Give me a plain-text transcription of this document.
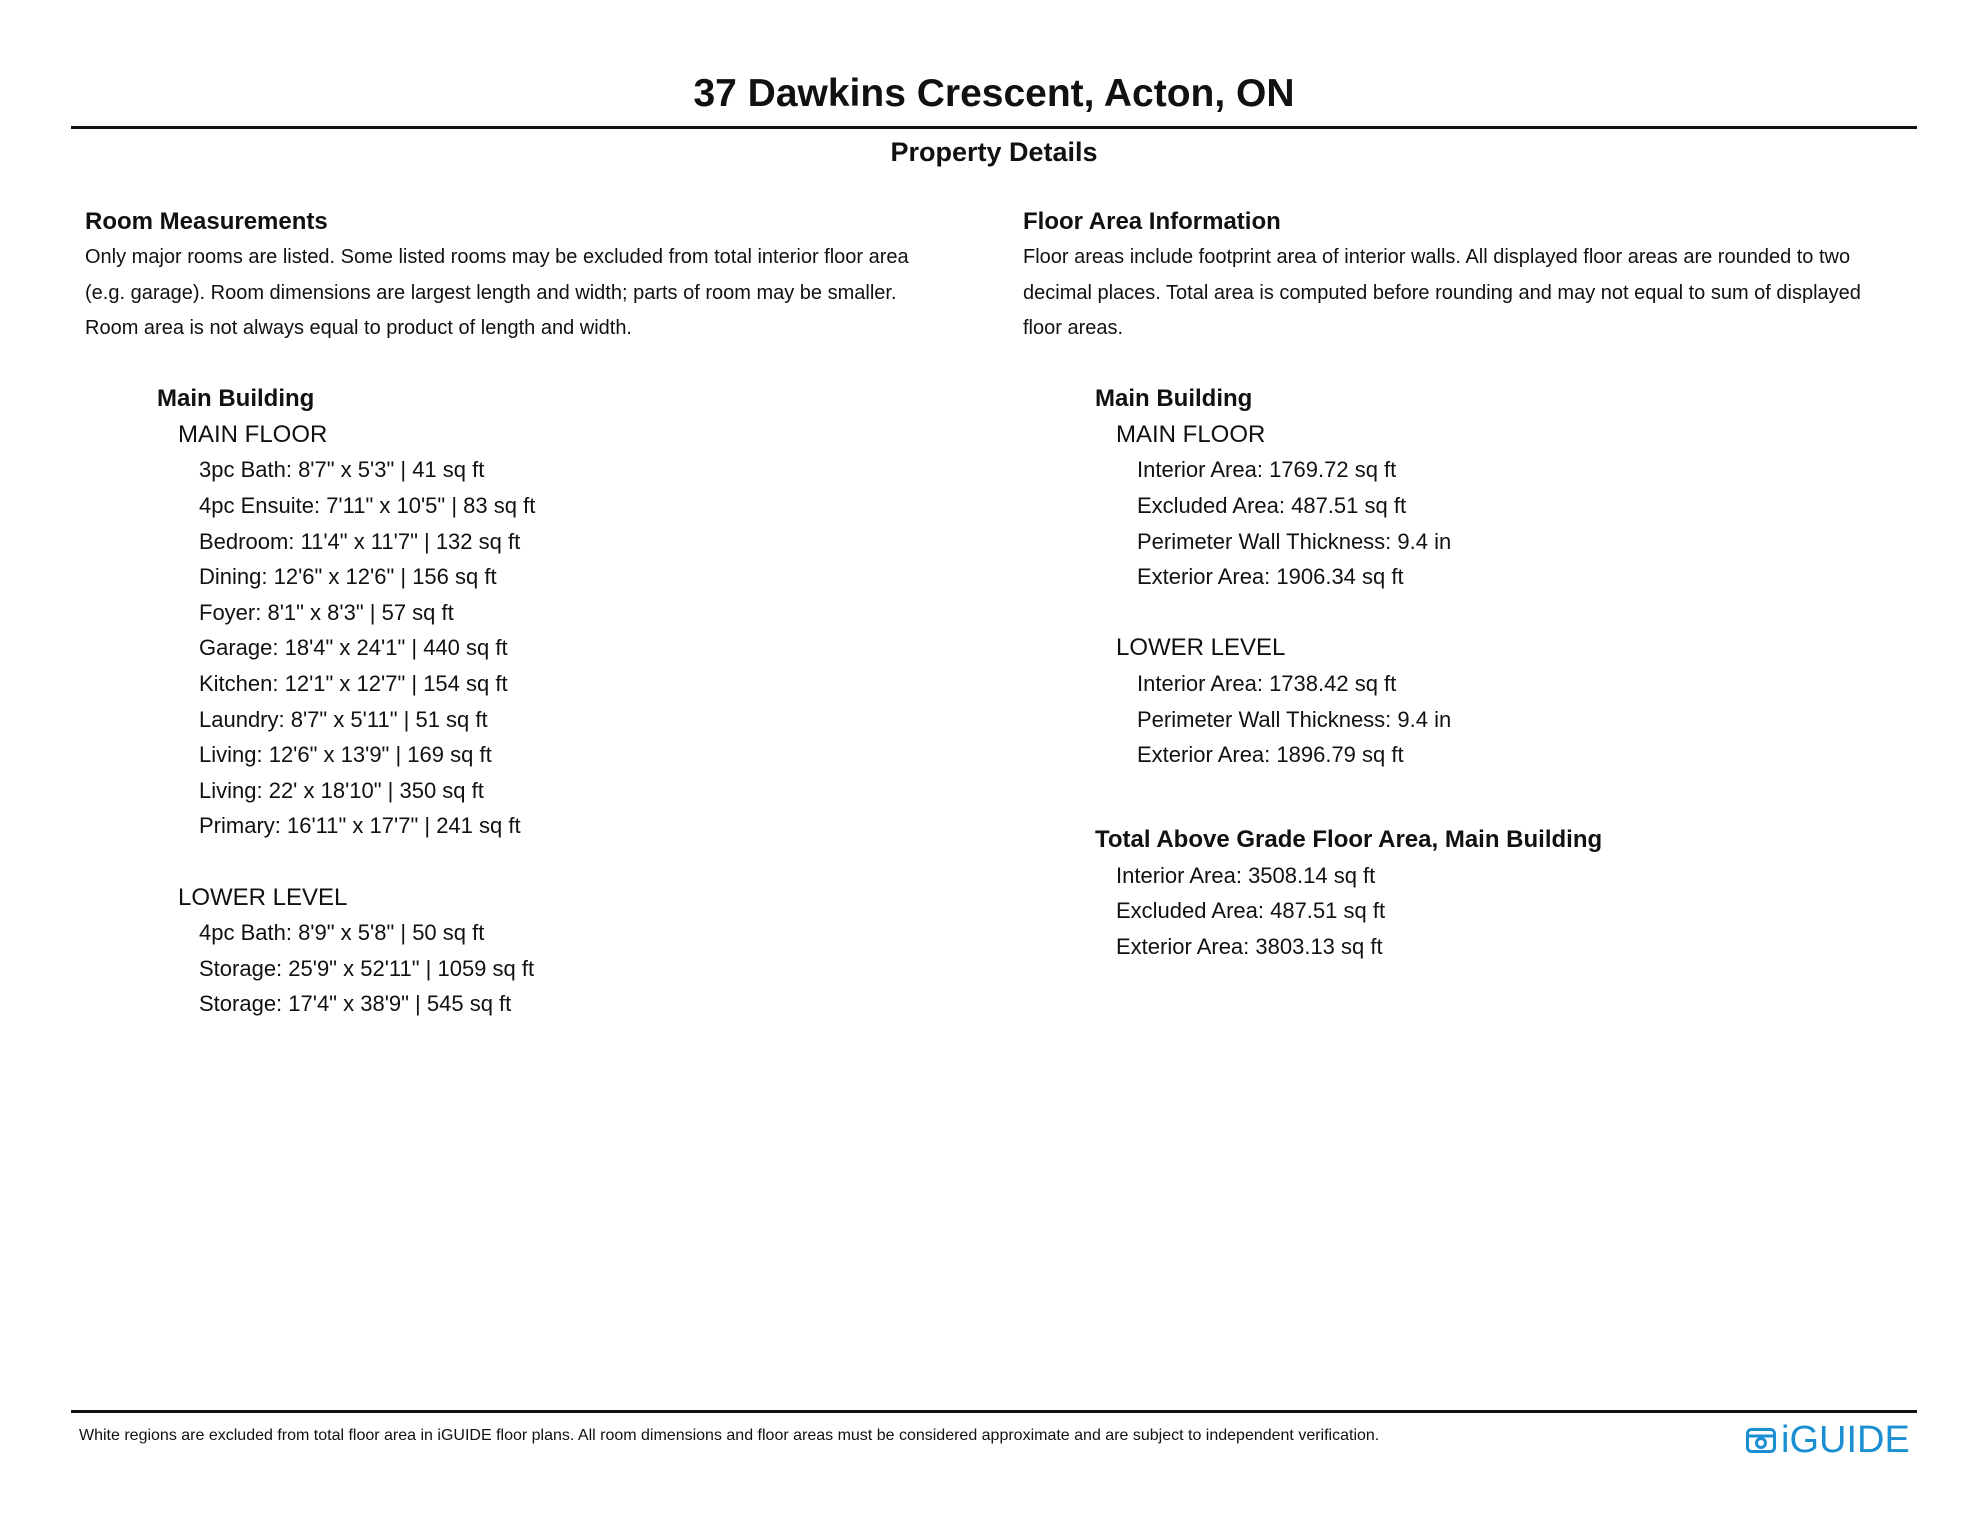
37 Dawkins Crescent, Acton, ON
Property Details
Room Measurements
Only major rooms are listed. Some listed rooms may be excluded from total interior floor area
(e.g. garage). Room dimensions are largest length and width; parts of room may be smaller.
Room area is not always equal to product of length and width.
Main Building
MAIN FLOOR
3pc Bath: 8'7" x 5'3" | 41 sq ft
4pc Ensuite: 7'11" x 10'5" | 83 sq ft
Bedroom: 11'4" x 11'7" | 132 sq ft
Dining: 12'6" x 12'6" | 156 sq ft
Foyer: 8'1" x 8'3" | 57 sq ft
Garage: 18'4" x 24'1" | 440 sq ft
Kitchen: 12'1" x 12'7" | 154 sq ft
Laundry: 8'7" x 5'11" | 51 sq ft
Living: 12'6" x 13'9" | 169 sq ft
Living: 22' x 18'10" | 350 sq ft
Primary: 16'11" x 17'7" | 241 sq ft
LOWER LEVEL
4pc Bath: 8'9" x 5'8" | 50 sq ft
Storage: 25'9" x 52'11" | 1059 sq ft
Storage: 17'4" x 38'9" | 545 sq ft
Floor Area Information
Floor areas include footprint area of interior walls. All displayed floor areas are rounded to two
decimal places. Total area is computed before rounding and may not equal to sum of displayed
floor areas.
Main Building
MAIN FLOOR
Interior Area: 1769.72 sq ft
Excluded Area: 487.51 sq ft
Perimeter Wall Thickness: 9.4 in
Exterior Area: 1906.34 sq ft
LOWER LEVEL
Interior Area: 1738.42 sq ft
Perimeter Wall Thickness: 9.4 in
Exterior Area: 1896.79 sq ft
Total Above Grade Floor Area, Main Building
Interior Area: 3508.14 sq ft
Excluded Area: 487.51 sq ft
Exterior Area: 3803.13 sq ft
White regions are excluded from total floor area in iGUIDE floor plans. All room dimensions and floor areas must be considered approximate and are subject to independent verification.	iGUIDE
